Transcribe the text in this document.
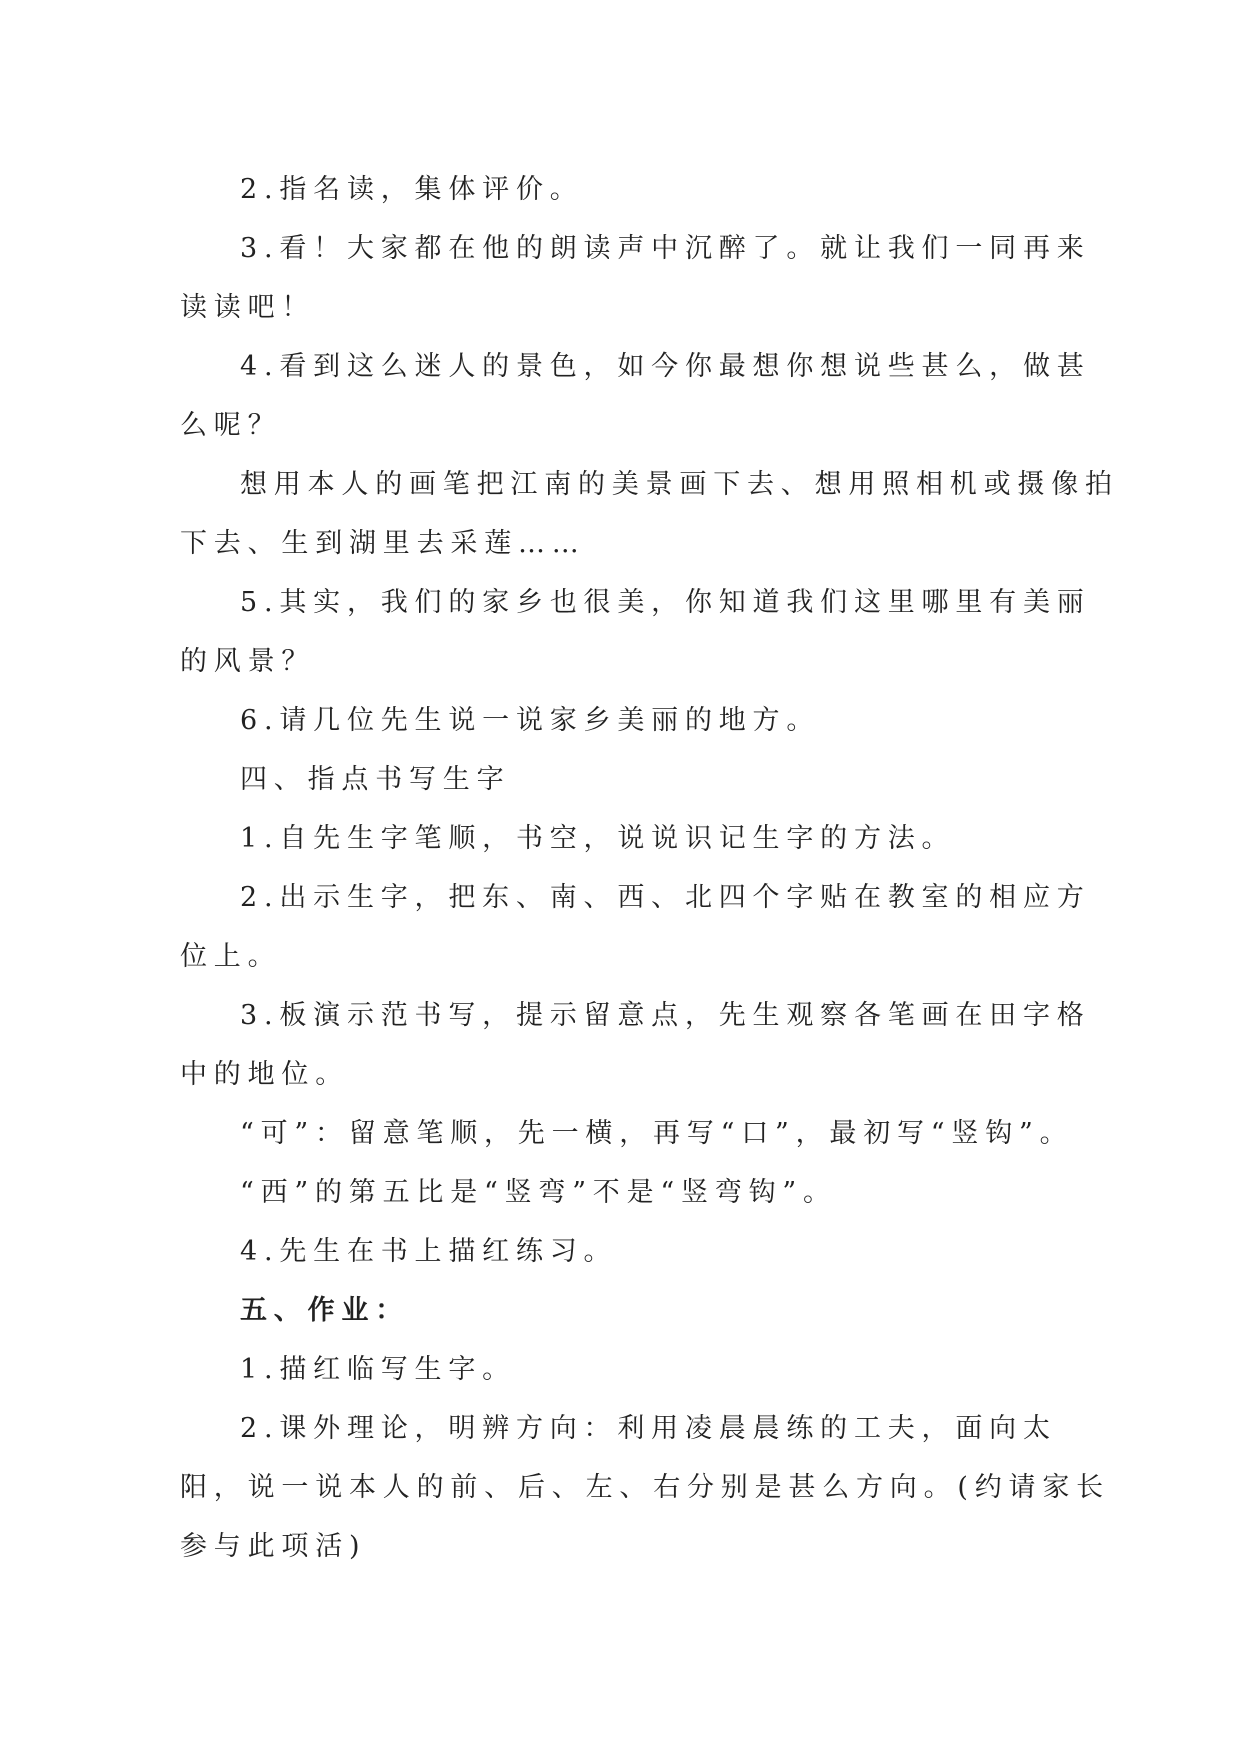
2.指名读，集体评价。

3.看！大家都在他的朗读声中沉醉了。就让我们一同再来读读吧！

4.看到这么迷人的景色，如今你最想你想说些甚么，做甚么呢？

想用本人的画笔把江南的美景画下去、想用照相机或摄像拍下去、生到湖里去采莲……

5.其实，我们的家乡也很美，你知道我们这里哪里有美丽的风景？

6.请几位先生说一说家乡美丽的地方。

四、指点书写生字

1.自先生字笔顺，书空，说说识记生字的方法。

2.出示生字，把东、南、西、北四个字贴在教室的相应方位上。

3.板演示范书写，提示留意点，先生观察各笔画在田字格中的地位。

“可”：留意笔顺，先一横，再写“口”，最初写“竖钩”。

“西”的第五比是“竖弯”不是“竖弯钩”。

4.先生在书上描红练习。

五、作业：

1.描红临写生字。

2.课外理论，明辨方向：利用凌晨晨练的工夫，面向太阳，说一说本人的前、后、左、右分别是甚么方向。(约请家长参与此项活)
